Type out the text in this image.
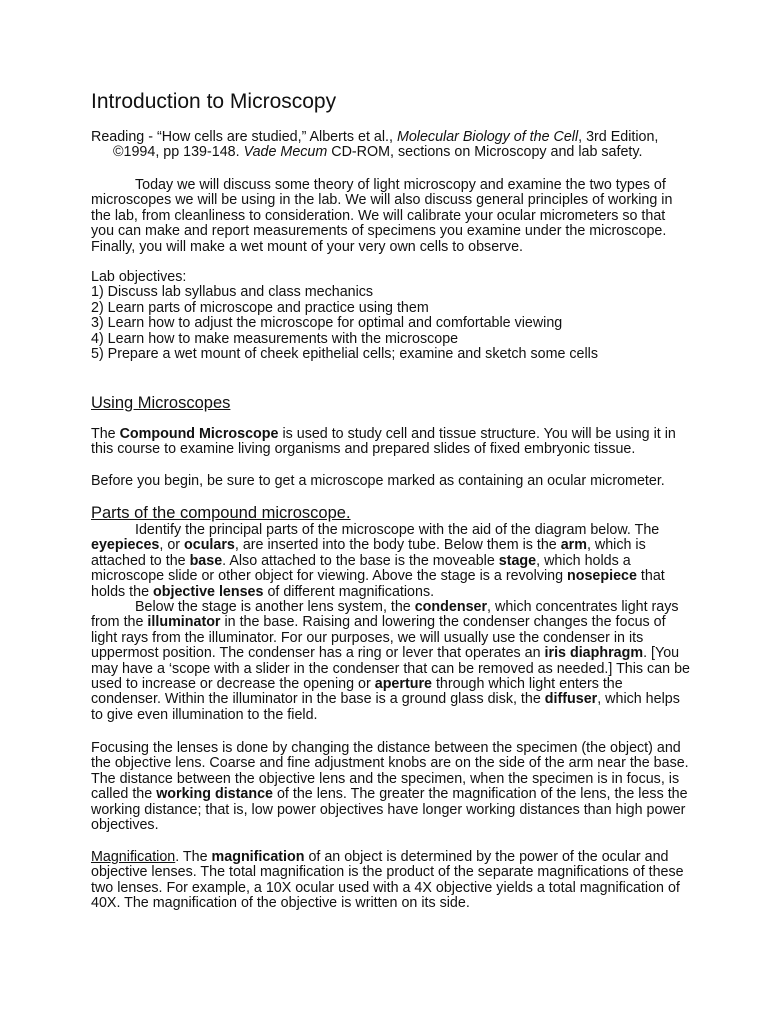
Introduction to Microscopy
Reading - “How cells are studied,” Alberts et al., Molecular Biology of the Cell, 3rd Edition,
©1994, pp 139-148. Vade Mecum CD-ROM, sections on Microscopy and lab safety.
Today we will discuss some theory of light microscopy and examine the two types of
microscopes we will be using in the lab. We will also discuss general principles of working in
the lab, from cleanliness to consideration. We will calibrate your ocular micrometers so that
you can make and report measurements of specimens you examine under the microscope.
Finally, you will make a wet mount of your very own cells to observe.
Lab objectives:
1) Discuss lab syllabus and class mechanics
2) Learn parts of microscope and practice using them
3) Learn how to adjust the microscope for optimal and comfortable viewing
4) Learn how to make measurements with the microscope
5) Prepare a wet mount of cheek epithelial cells; examine and sketch some cells
Using Microscopes
The Compound Microscope is used to study cell and tissue structure. You will be using it in
this course to examine living organisms and prepared slides of fixed embryonic tissue.
Before you begin, be sure to get a microscope marked as containing an ocular micrometer.
Parts of the compound microscope.
Identify the principal parts of the microscope with the aid of the diagram below. The
eyepieces, or oculars, are inserted into the body tube. Below them is the arm, which is
attached to the base. Also attached to the base is the moveable stage, which holds a
microscope slide or other object for viewing. Above the stage is a revolving nosepiece that
holds the objective lenses of different magnifications.
Below the stage is another lens system, the condenser, which concentrates light rays
from the illuminator in the base. Raising and lowering the condenser changes the focus of
light rays from the illuminator. For our purposes, we will usually use the condenser in its
uppermost position. The condenser has a ring or lever that operates an iris diaphragm. [You
may have a ‘scope with a slider in the condenser that can be removed as needed.] This can be
used to increase or decrease the opening or aperture through which light enters the
condenser. Within the illuminator in the base is a ground glass disk, the diffuser, which helps
to give even illumination to the field.
Focusing the lenses is done by changing the distance between the specimen (the object) and
the objective lens. Coarse and fine adjustment knobs are on the side of the arm near the base.
The distance between the objective lens and the specimen, when the specimen is in focus, is
called the working distance of the lens. The greater the magnification of the lens, the less the
working distance; that is, low power objectives have longer working distances than high power
objectives.
Magnification. The magnification of an object is determined by the power of the ocular and
objective lenses. The total magnification is the product of the separate magnifications of these
two lenses. For example, a 10X ocular used with a 4X objective yields a total magnification of
40X. The magnification of the objective is written on its side.
